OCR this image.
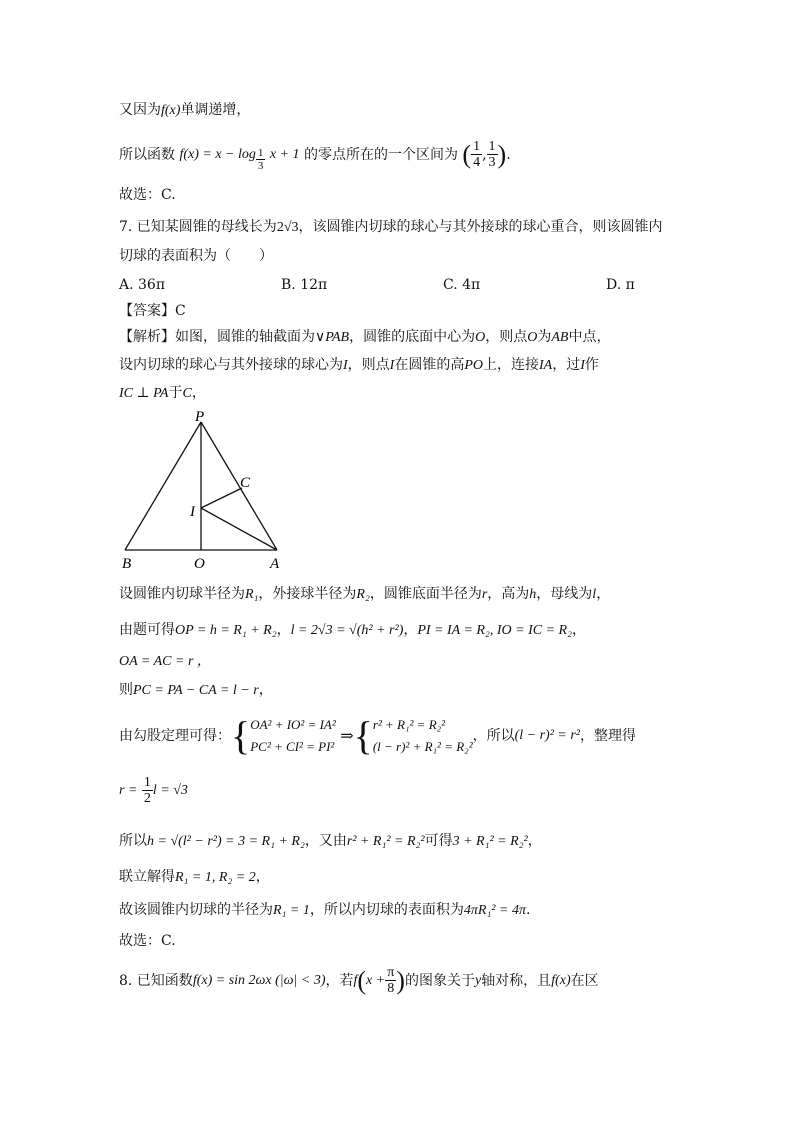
又因为f(x)单调递增，
所以函数 $f(x) = x - \log \frac{1}{3}$ x + 1 的零点所在的一个区间为 ( $\frac{1}{4}$ , $\frac{1}{3}$ ).
故选：C.
7. 已知某圆锥的母线长为2√3，该圆锥内切球的球心与其外接球的球心重合，则该圆锥内
切球的表面积为（　　）
A. 36π	B. 12π	C. 4π	D. π
【答案】C
【解析】如图，圆锥的轴截面为∨PAB，圆锥的底面中心为O，则点O为AB中点，
设内切球的球心与其外接球的球心为I，则点I在圆锥的高PO上，连接IA，过I作
IC ⊥ PA于C，
P
C
I
B	O	A
设圆锥内切球半径为R₁，外接球半径为R₂，圆锥底面半径为r，高为h，母线为l，
由题可得OP = h = R₁ + R₂，l = 2√3 = √(h² + r²)，PI = IA = R₂, IO = IC = R₂，
OA = AC = r ，
则PC = PA − CA = l − r，
由勾股定理可得：{ OA² + IO² = IA²
PC² + CI² = PI²
⇒{ r² + R₁² = R₂²
(l − r)² + R₁² = R₂²
，所以(l − r)² = r²，整理得
$r = \frac{1}{2}$ l = √3
所以h = √(l² − r²) = 3 = R₁ + R₂，又由r² + R₁² = R₂²可得3 + R₁² = R₂²，
联立解得R₁ = 1, R₂ = 2，
故该圆锥内切球的半径为R₁ = 1，所以内切球的表面积为4πR₁² = 4π.
故选：C.
8. 已知函数f(x) = sin 2ωx (|ω| < 3)，若$f(x + \frac{\pi}{8}$ )的图象关于y轴对称，且f(x)在区
